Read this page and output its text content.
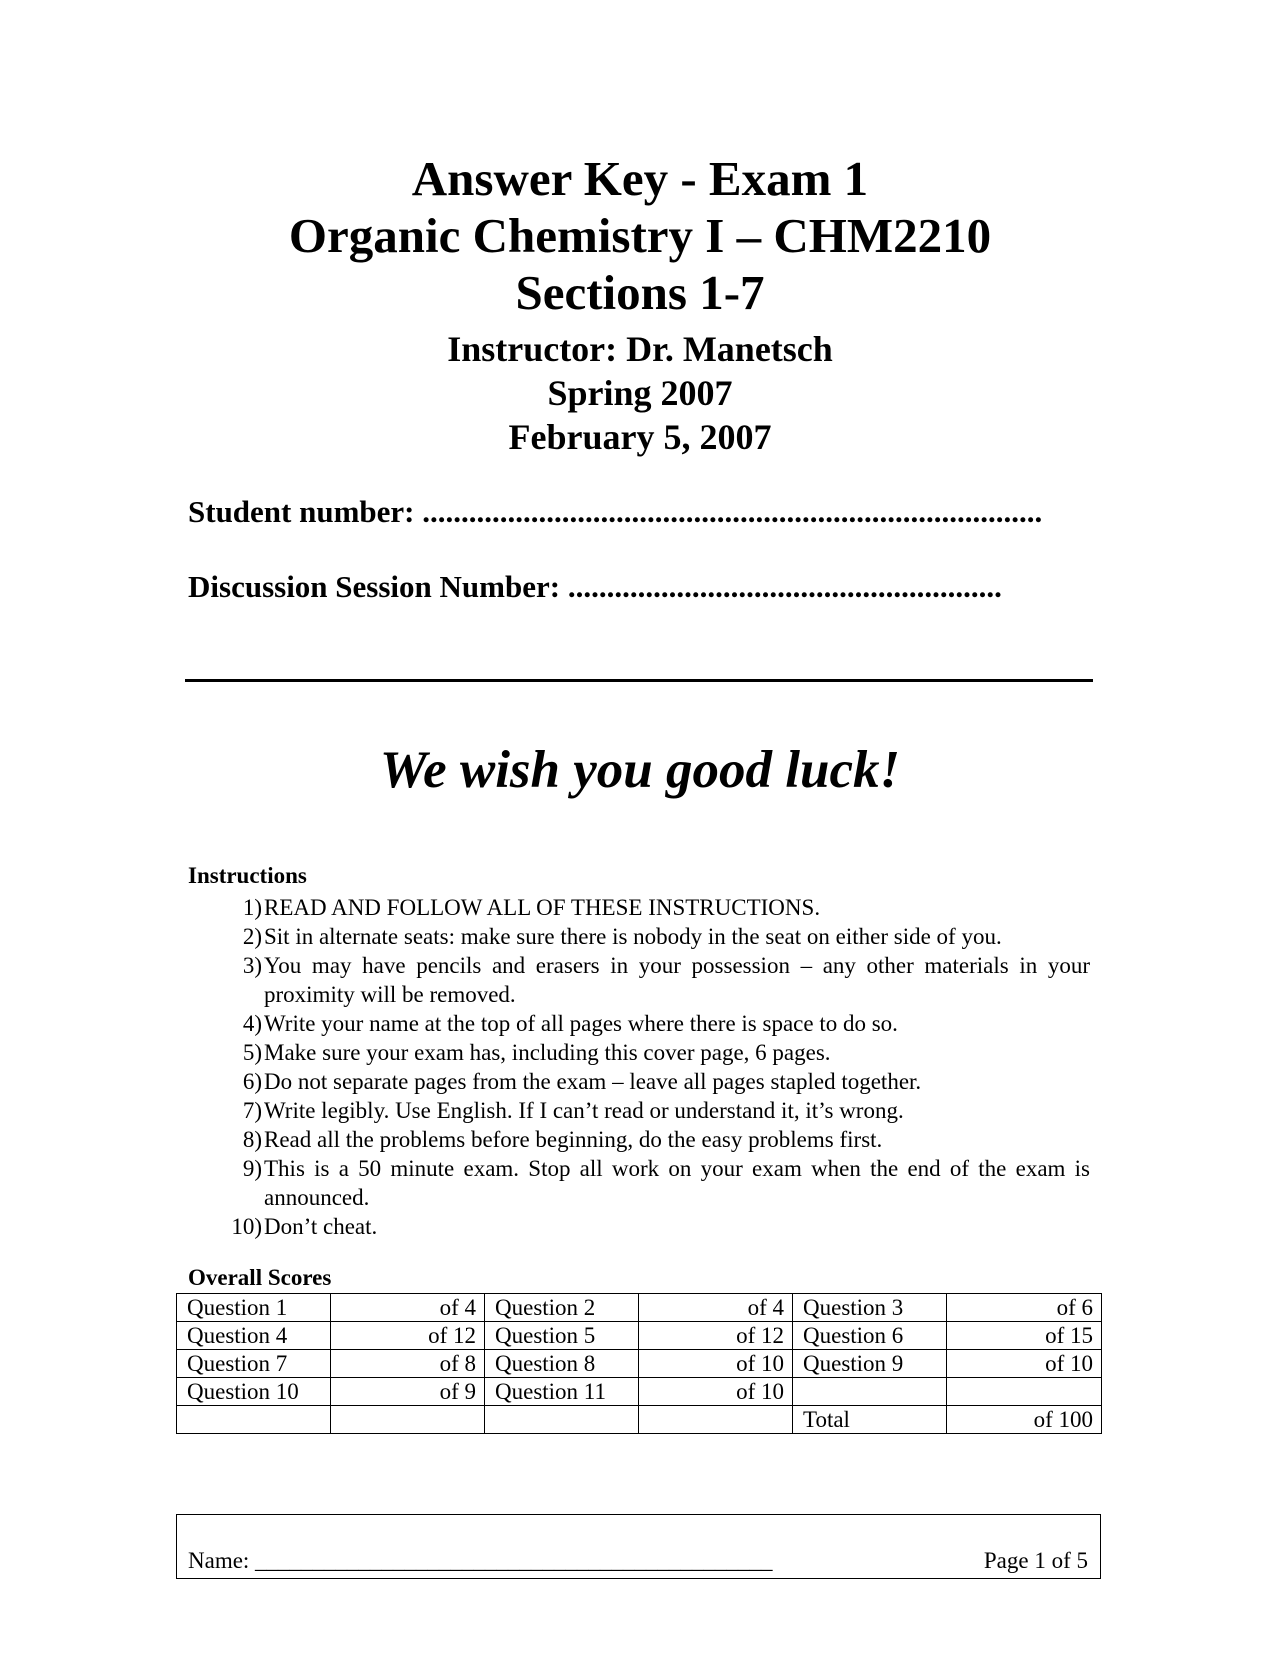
Answer Key - Exam 1
Organic Chemistry I – CHM2210
Sections 1-7
Instructor: Dr. Manetsch
Spring 2007
February 5, 2007
Student number: ................................................................................
Discussion Session Number: ........................................................
We wish you good luck!
Instructions
1) READ AND FOLLOW ALL OF THESE INSTRUCTIONS.
2) Sit in alternate seats: make sure there is nobody in the seat on either side of you.
3) You may have pencils and erasers in your possession – any other materials in your proximity will be removed.
4) Write your name at the top of all pages where there is space to do so.
5) Make sure your exam has, including this cover page, 6 pages.
6) Do not separate pages from the exam – leave all pages stapled together.
7) Write legibly. Use English. If I can’t read or understand it, it’s wrong.
8) Read all the problems before beginning, do the easy problems first.
9) This is a 50 minute exam. Stop all work on your exam when the end of the exam is announced.
10) Don’t cheat.
Overall Scores
Question 1	of 4	Question 2	of 4	Question 3	of 6
Question 4	of 12	Question 5	of 12	Question 6	of 15
Question 7	of 8	Question 8	of 10	Question 9	of 10
Question 10	of 9	Question 11	of 10		
				Total	of 100
Name: _____________________________________________	Page 1 of 5
